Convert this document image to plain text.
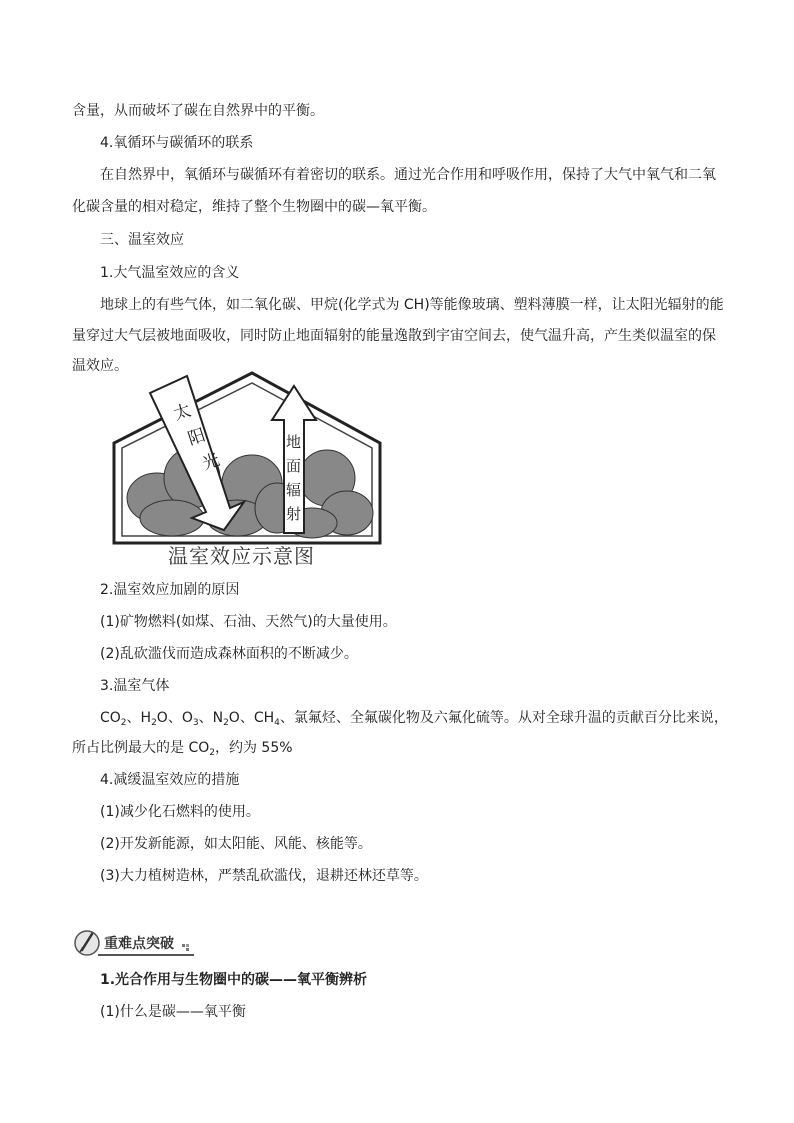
含量，从而破坏了碳在自然界中的平衡。
4.氧循环与碳循环的联系
在自然界中，氧循环与碳循环有着密切的联系。通过光合作用和呼吸作用，保持了大气中氧气和二氧
化碳含量的相对稳定，维持了整个生物圈中的碳—氧平衡。
三、温室效应
1.大气温室效应的含义
地球上的有些气体，如二氧化碳、甲烷(化学式为 CH)等能像玻璃、塑料薄膜一样，让太阳光辐射的能
量穿过大气层被地面吸收，同时防止地面辐射的能量逸散到宇宙空间去，使气温升高，产生类似温室的保
温效应。
太
阳
光
地
面
辐
射
温室效应示意图
2.温室效应加剧的原因
(1)矿物燃料(如煤、石油、天然气)的大量使用。
(2)乱砍滥伐而造成森林面积的不断减少。
3.温室气体
$CO_2$、$H_2O$、$O_3$、$N_2O$、$CH_4$、氯氟烃、全氟碳化物及六氟化硫等。从对全球升温的贡献百分比来说，
所占比例最大的是 $CO_2$，约为 55%
4.减缓温室效应的措施
(1)减少化石燃料的使用。
(2)开发新能源，如太阳能、风能、核能等。
(3)大力植树造林，严禁乱砍滥伐，退耕还林还草等。
重难点突破
1.光合作用与生物圈中的碳——氧平衡辨析
(1)什么是碳——氧平衡
